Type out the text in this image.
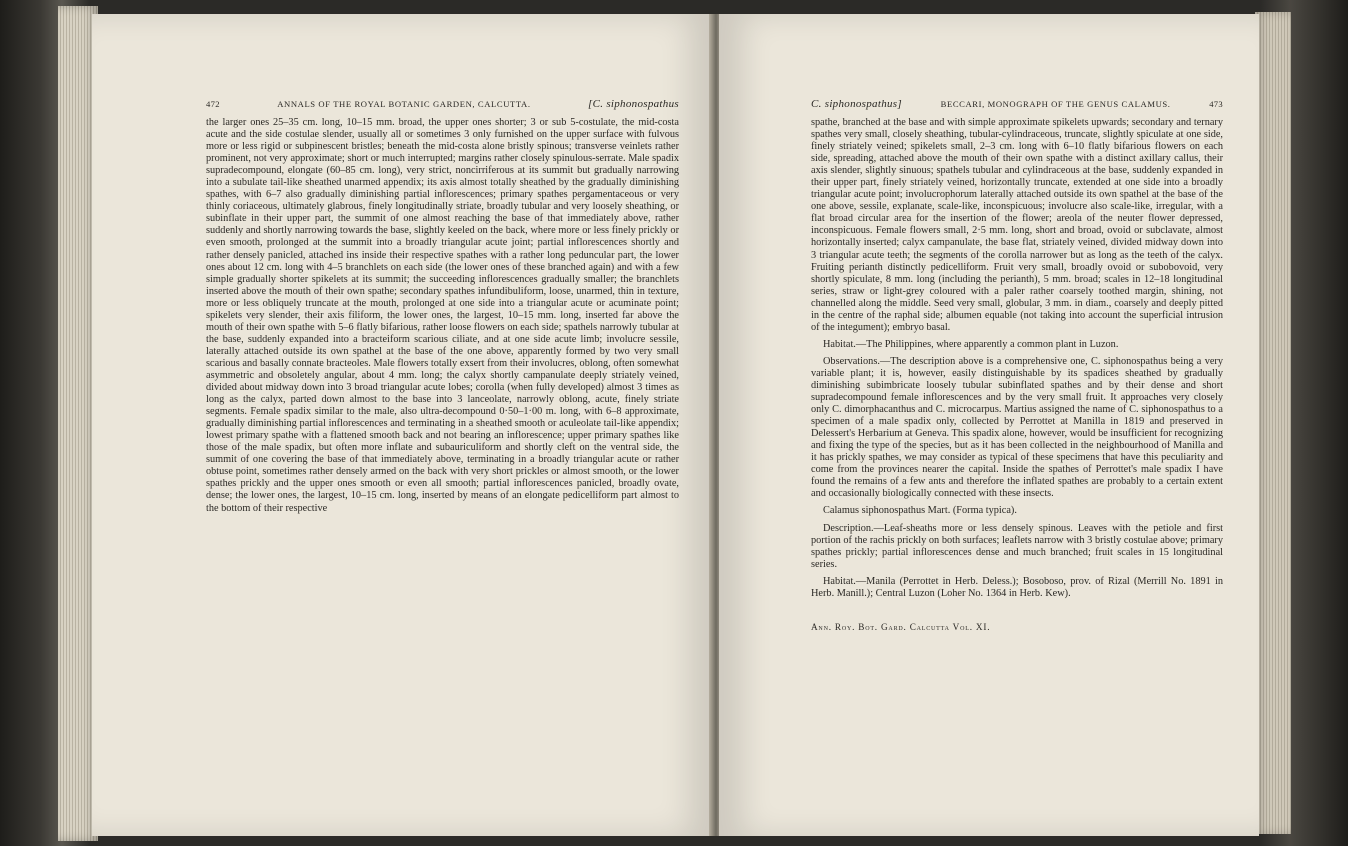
472	ANNALS OF THE ROYAL BOTANIC GARDEN, CALCUTTA.	[C. siphonospathus

the larger ones 25–35 cm. long, 10–15 mm. broad, the upper ones shorter; 3 or sub 5-costulate, the mid-costa acute and the side costulae slender, usually all or sometimes 3 only furnished on the upper surface with fulvous more or less rigid or subpinescent bristles; beneath the mid-costa alone bristly spinous; transverse veinlets rather prominent, not very approximate; short or much interrupted; margins rather closely spinulous-serrate. Male spadix supradecompound, elongate (60–85 cm. long), very strict, noncirriferous at its summit but gradually narrowing into a subulate tail-like sheathed unarmed appendix; its axis almost totally sheathed by the gradually diminishing spathes, with 6–7 also gradually diminishing partial inflorescences; primary spathes pergamentaceous or very thinly coriaceous, ultimately glabrous, finely longitudinally striate, broadly tubular and very loosely sheathing, or subinflate in their upper part, the summit of one almost reaching the base of that immediately above, rather suddenly and shortly narrowing towards the base, slightly keeled on the back, where more or less finely prickly or even smooth, prolonged at the summit into a broadly triangular acute joint; partial inflorescences shortly and rather densely panicled, attached ins inside their respective spathes with a rather long peduncular part, the lower ones about 12 cm. long with 4–5 branchlets on each side (the lower ones of these branched again) and with a few simple gradually shorter spikelets at its summit; the succeeding inflorescences gradually smaller; the branchlets inserted above the mouth of their own spathe; secondary spathes infundibuliform, loose, unarmed, thin in texture, more or less obliquely truncate at the mouth, prolonged at one side into a triangular acute or acuminate point; spikelets very slender, their axis filiform, the lower ones, the largest, 10–15 mm. long, inserted far above the mouth of their own spathe with 5–6 flatly bifarious, rather loose flowers on each side; spathels narrowly tubular at the base, suddenly expanded into a bracteiform scarious ciliate, and at one side acute limb; involucre sessile, laterally attached outside its own spathel at the base of the one above, apparently formed by two very small scarious and basally connate bracteoles. Male flowers totally exsert from their involucres, oblong, often somewhat asymmetric and obsoletely angular, about 4 mm. long; the calyx shortly campanulate deeply striately veined, divided about midway down into 3 broad triangular acute lobes; corolla (when fully developed) almost 3 times as long as the calyx, parted down almost to the base into 3 lanceolate, narrowly oblong, acute, finely striate segments. Female spadix similar to the male, also ultra-decompound 0·50–1·00 m. long, with 6–8 approximate, gradually diminishing partial inflorescences and terminating in a sheathed smooth or aculeolate tail-like appendix; lowest primary spathe with a flattened smooth back and not bearing an inflorescence; upper primary spathes like those of the male spadix, but often more inflate and subauriculiform and shortly cleft on the ventral side, the summit of one covering the base of that immediately above, terminating in a broadly triangular acute or rather obtuse point, sometimes rather densely armed on the back with very short prickles or almost smooth, or the lower spathes prickly and the upper ones smooth or even all smooth; partial inflorescences panicled, broadly ovate, dense; the lower ones, the largest, 10–15 cm. long, inserted by means of an elongate pedicelliform part almost to the bottom of their respective

C. siphonospathus]	BECCARI, MONOGRAPH OF THE GENUS CALAMUS.	473

spathe, branched at the base and with simple approximate spikelets upwards; secondary and ternary spathes very small, closely sheathing, tubular-cylindraceous, truncate, slightly spiculate at one side, finely striately veined; spikelets small, 2–3 cm. long with 6–10 flatly bifarious flowers on each side, spreading, attached above the mouth of their own spathe with a distinct axillary callus, their axis slender, slightly sinuous; spathels tubular and cylindraceous at the base, suddenly expanded in their upper part, finely striately veined, horizontally truncate, extended at one side into a broadly triangular acute point; involucrophorum laterally attached outside its own spathel at the base of the one above, sessile, explanate, scale-like, inconspicuous; involucre also scale-like, irregular, with a flat broad circular area for the insertion of the flower; areola of the neuter flower depressed, inconspicuous. Female flowers small, 2·5 mm. long, short and broad, ovoid or subclavate, almost horizontally inserted; calyx campanulate, the base flat, striately veined, divided midway down into 3 triangular acute teeth; the segments of the corolla narrower but as long as the teeth of the calyx. Fruiting perianth distinctly pedicelliform. Fruit very small, broadly ovoid or subobovoid, very shortly spiculate, 8 mm. long (including the perianth), 5 mm. broad; scales in 12–18 longitudinal series, straw or light-grey coloured with a paler rather coarsely toothed margin, shining, not channelled along the middle. Seed very small, globular, 3 mm. in diam., coarsely and deeply pitted in the centre of the raphal side; albumen equable (not taking into account the superficial intrusion of the integument); embryo basal.

Habitat.—The Philippines, where apparently a common plant in Luzon.

Observations.—The description above is a comprehensive one, C. siphonospathus being a very variable plant; it is, however, easily distinguishable by its spadices sheathed by gradually diminishing subimbricate loosely tubular subinflated spathes and by their dense and short supradecompound female inflorescences and by the very small fruit. It approaches very closely only C. dimorphacanthus and C. microcarpus. Martius assigned the name of C. siphonospathus to a specimen of a male spadix only, collected by Perrottet at Manilla in 1819 and preserved in Delessert's Herbarium at Geneva. This spadix alone, however, would be insufficient for recognizing and fixing the type of the species, but as it has been collected in the neighbourhood of Manilla and it has prickly spathes, we may consider as typical of these specimens that have this peculiarity and come from the provinces nearer the capital. Inside the spathes of Perrottet's male spadix I have found the remains of a few ants and therefore the inflated spathes are probably to a certain extent and occasionally biologically connected with these insects.

Calamus siphonospathus Mart. (Forma typica).

Description.—Leaf-sheaths more or less densely spinous. Leaves with the petiole and first portion of the rachis prickly on both surfaces; leaflets narrow with 3 bristly costulae above; primary spathes prickly; partial inflorescences dense and much branched; fruit scales in 15 longitudinal series.

Habitat.—Manila (Perrottet in Herb. Deless.); Bosoboso, prov. of Rizal (Merrill No. 1891 in Herb. Manill.); Central Luzon (Loher No. 1364 in Herb. Kew).

Ann. Roy. Bot. Gard. Calcutta Vol. XI.
